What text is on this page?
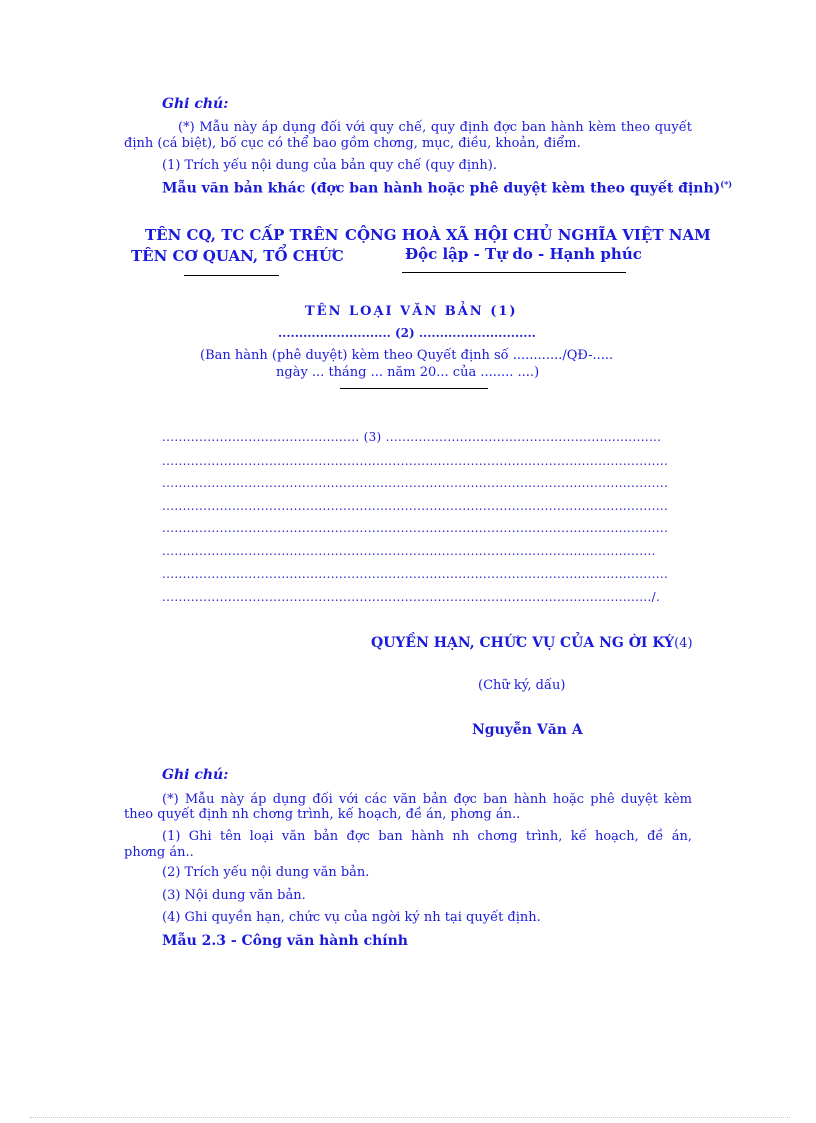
Ghi chú:
(*) Mẫu này áp dụng đối với quy chế, quy định đợc ban hành kèm theo quyết
định (cá biệt), bố cục có thể bao gồm chơng, mục, điều, khoản, điểm.
(1) Trích yếu nội dung của bản quy chế (quy định).
Mẫu văn bản khác (đợc ban hành hoặc phê duyệt kèm theo quyết định)(*)
TÊN CQ, TC CẤP TRÊN
TÊN CƠ QUAN, TỔ CHỨC
CỘNG HOÀ XÃ HỘI CHỦ NGHĨA VIỆT NAM
Độc lập - Tự do - Hạnh phúc
TÊN LOẠI VĂN BẢN (1)
........................... (2) ............................
(Ban hành (phê duyệt) kèm theo Quyết định số ............/QĐ-.....
ngày ... tháng ... năm 20... của ........ ....)
................................................ (3) ...................................................................
...........................................................................................................................
...........................................................................................................................
...........................................................................................................................
...........................................................................................................................
........................................................................................................................
...........................................................................................................................
......................................................................................................................./.
QUYỀN HẠN, CHỨC VỤ CỦA NG ỜI KÝ(4)
(Chữ ký, dấu)
Nguyễn Văn A
Ghi chú:
(*) Mẫu này áp dụng đối với các văn bản đợc ban hành hoặc phê duyệt kèm
theo quyết định nh chơng trình, kế hoạch, đề án, phơng án..
(1) Ghi tên loại văn bản đợc ban hành nh chơng trình, kế hoạch, đề án,
phơng án..
(2) Trích yếu nội dung văn bản.
(3) Nội dung văn bản.
(4) Ghi quyền hạn, chức vụ của ngời ký nh tại quyết định.
Mẫu 2.3 - Công văn hành chính
